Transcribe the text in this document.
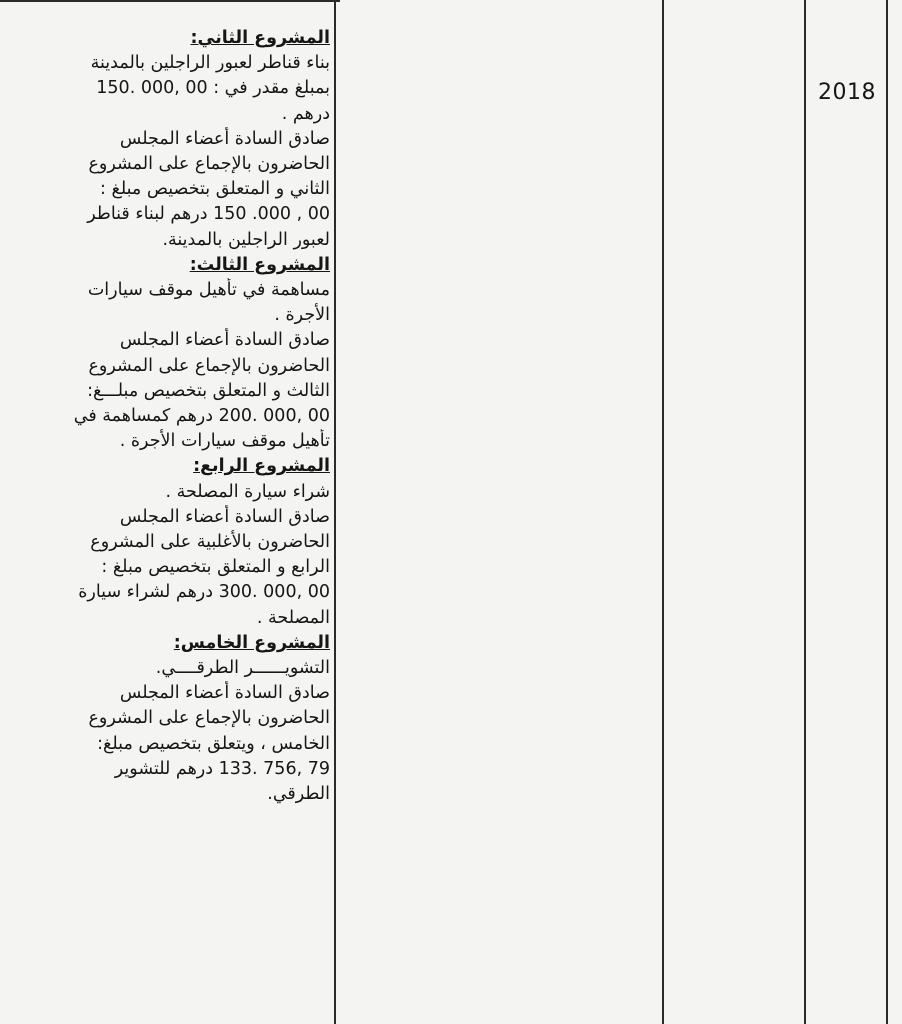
2018
المشروع الثاني:
بناء قناطر لعبور الراجلين بالمدينة
بمبلغ مقدر في : 00 ,000 .150
درهم .
صادق السادة أعضاء المجلس
الحاضرون بالإجماع على المشروع
الثاني و المتعلق بتخصيص مبلغ :
00 , 000. 150 درهم لبناء قناطر
لعبور الراجلين بالمدينة.
المشروع الثالث:
مساهمة في تأهيل موقف سيارات
الأجرة .
صادق السادة أعضاء المجلس
الحاضرون بالإجماع على المشروع
الثالث و المتعلق بتخصيص مبلـــغ:
00 ,000 .200 درهم كمساهمة في
تأهيل موقف سيارات الأجرة .
المشروع الرابع:
شراء سيارة المصلحة .
صادق السادة أعضاء المجلس
الحاضرون بالأغلبية على المشروع
الرابع و المتعلق بتخصيص مبلغ :
00 ,000 .300 درهم لشراء سيارة
المصلحة .
المشروع الخامس:
التشويــــــر الطرقــــي.
صادق السادة أعضاء المجلس
الحاضرون بالإجماع على المشروع
الخامس ، ويتعلق بتخصيص مبلغ:
79 ,756 .133 درهم للتشوير
الطرقي.
